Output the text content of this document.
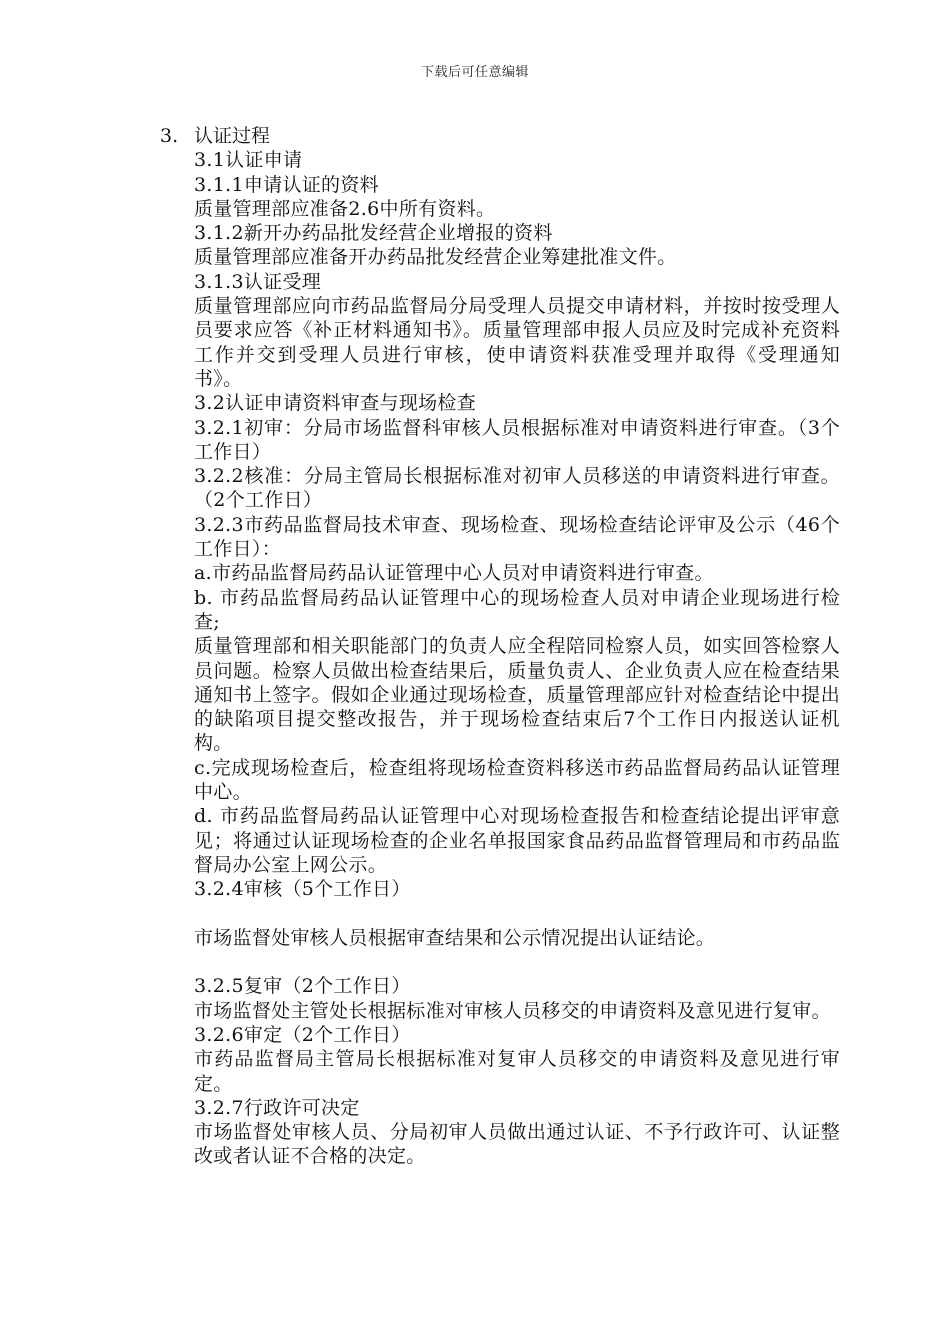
下载后可任意编辑
3. 认证过程
3.1认证申请
3.1.1申请认证的资料
质量管理部应准备2.6中所有资料。
3.1.2新开办药品批发经营企业增报的资料
质量管理部应准备开办药品批发经营企业筹建批准文件。
3.1.3认证受理
质量管理部应向市药品监督局分局受理人员提交申请材料，并按时按受理人员要求应答《补正材料通知书》。质量管理部申报人员应及时完成补充资料工作并交到受理人员进行审核，使申请资料获准受理并取得《受理通知书》。
3.2认证申请资料审查与现场检查
3.2.1初审：分局市场监督科审核人员根据标准对申请资料进行审查。（3个工作日）
3.2.2核准：分局主管局长根据标准对初审人员移送的申请资料进行审查。（2个工作日）
3.2.3市药品监督局技术审查、现场检查、现场检查结论评审及公示（46个工作日）：
a.市药品监督局药品认证管理中心人员对申请资料进行审查。
b. 市药品监督局药品认证管理中心的现场检查人员对申请企业现场进行检查;
质量管理部和相关职能部门的负责人应全程陪同检察人员，如实回答检察人员问题。检察人员做出检查结果后，质量负责人、企业负责人应在检查结果通知书上签字。假如企业通过现场检查，质量管理部应针对检查结论中提出的缺陷项目提交整改报告，并于现场检查结束后7个工作日内报送认证机构。
c.完成现场检查后，检查组将现场检查资料移送市药品监督局药品认证管理中心。
d. 市药品监督局药品认证管理中心对现场检查报告和检查结论提出评审意见；将通过认证现场检查的企业名单报国家食品药品监督管理局和市药品监督局办公室上网公示。
3.2.4审核（5个工作日）
市场监督处审核人员根据审查结果和公示情况提出认证结论。
3.2.5复审（2个工作日）
市场监督处主管处长根据标准对审核人员移交的申请资料及意见进行复审。
3.2.6审定（2个工作日）
市药品监督局主管局长根据标准对复审人员移交的申请资料及意见进行审定。
3.2.7行政许可决定
市场监督处审核人员、分局初审人员做出通过认证、不予行政许可、认证整改或者认证不合格的决定。
